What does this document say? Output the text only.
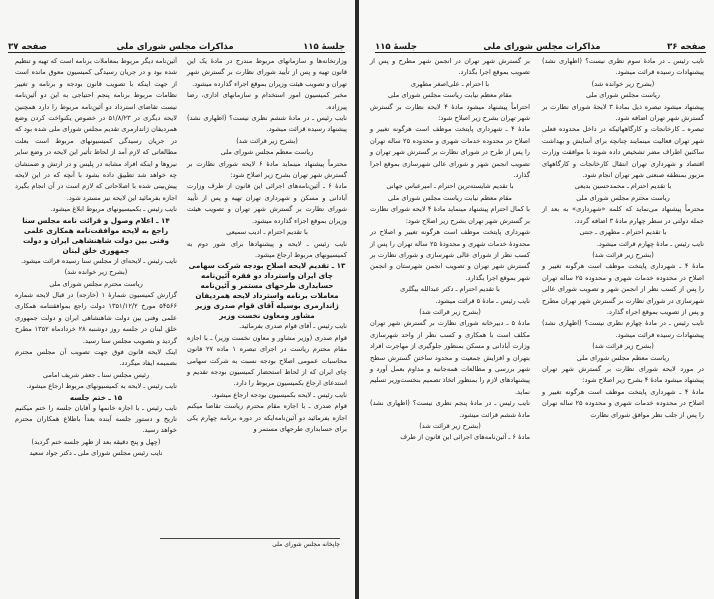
جلسهٔ ۱۱۵
مذاکرات مجلس شورای ملی
صفحه ۳۷
وزارتخانه‌ها و سازمانهای مربوط مندرج در مادهٔ یک این قانون تهیه و پس از تأیید شورای نظارت بر گسترش شهر تهران و تصویب هیئت وزیران بموقع اجراء گذارده میشود.
مخبر کمیسیون امور استخدام و سازمانهای اداری، رضا پیرزاده.
نایب رئیس ـ در مادهٔ ششم نظری نیست؟ (اظهاری نشد) پیشنهاد رسیده قرائت میشود.
(بشرح زیر قرائت شد)
ریاست معظم مجلس شورای ملی
محترماً پیشنهاد مینماید مادهٔ ۶ لایحه شورای نظارت بر گسترش شهر تهران بشرح زیر اصلاح شود:
مادهٔ ۶ ـ آئین‌نامه‌های اجرائی این قانون از طرف وزارت آبادانی و مسکن و شهرداری تهران تهیه و پس از تأیید شورای نظارت بر گسترش شهر تهران و تصویب هیئت وزیران بموقع اجراء گذارده میشود.
با تقدیم احترام ـ ادیب سمیعی
نایب رئیس ـ لایحه و پیشنهادها برای شور دوم به کمیسیونهای مربوط ارجاع میشود.
۱۳ ـ تقدیم لایحه اصلاح بودجه شرکت سهامی چای ایران واسترداد دو فقره آئین‌نامه حسابداری طرحهای مستمر و آئین‌نامه معاملات برنامه واسترداد لایحه همردیفان ژاندارمری بوسیله آقای قوام صدری وزیر مشاور ومعاون نخست وزیر
نایب رئیس ـ آقای قوام صدری بفرمائید.
قوام صدری (وزیر مشاور و معاون نخست وزیر) ـ با اجازه مقام محترم ریاست در اجرای تبصره ۱ ماده ۲۷ قانون محاسبات عمومی اصلاح بودجه نسبت به شرکت سهامی چای ایران که از لحاظ استحضار کمیسیون بودجه تقدیم و استدعای ارجاع بکمیسیون مربوط را دارد.
نایب رئیس ـ لایحه بکمیسیون بودجه ارجاع میشود.
قوام صدری ـ با اجازه مقام محترم ریاست تقاضا میکنم اجازه بفرمائید دو آئین‌نامه‌ایکه در دوره برنامه چهارم یکی برای حسابداری طرحهای مستمر و
آئین‌نامه دیگر مربوط بمعاملات برنامه است که تهیه و تنظیم شده بود و در جریان رسیدگی کمیسیون معوق مانده است از جهت اینکه با تصویب قانون بودجه و برنامه و تغییر نظامات مربوط برنامه پنجم احتیاجی به این دو آئین‌نامه نیست تقاضای استرداد دو آئین‌نامه مربوط را دارد همچنین لایحه دیگری در ۵۱/۸/۲۳ در خصوص یکنواخت کردن وضع همردیفان ژاندارمری تقدیم مجلس شورای ملی شده بود که در جریان رسیدگی کمیسیونهای مربوط است بعلت مطالعاتی که لازم آمد از لحاظ تأثیر این لایحه در وضع سایر نیروها و اینکه افراد مشابه در پلیس و در ارتش و ضمنشان چه خواهد شد تطبیق داده بشود با آنچه که در این لایحه پیش‌بینی شده با اصلاحاتی که لازم است در آن انجام بگیرد اجازه بفرمائید این لایحه نیز مسترد شود.
نایب رئیس ـ بکمیسیونهای مربوط ابلاغ میشود.
۱۴ ـ اعلام وصول و قرائت نامه مجلس سنا راجع به لایحه موافقت‌نامه همکاری علمی وفنی بین دولت شاهنشاهی ایران و دولت جمهوری خلق لبنان
نایب رئیس ـ لایحه‌ای از مجلس سنا رسیده قرائت میشود.
(بشرح زیر خوانده شد)
ریاست محترم مجلس شورای ملی
گزارش کمیسیون شمارهٔ ۱ (خارجه) در قبال لایحه شماره ۵۴۵۶۶ مورخ ۱۳۵۱/۱۲/۲ دولت راجع بموافقتنامه همکاری علمی وفنی بین دولت شاهنشاهی ایران و دولت جمهوری خلق لبنان در جلسه روز دوشنبه ۲۸ خردادماه ۱۳۵۲ مطرح گردید و بتصویب مجلس سنا رسید.
اینک لایحه قانون فوق جهت تصویب آن مجلس محترم بضمیمه ایفاد میگردد.
رئیس مجلس سنا ـ جعفر شریف امامی
نایب رئیس ـ لایحه به کمیسیونهای مربوط ارجاع میشود.
۱۵ ـ ختم جلسه
نایب رئیس ـ با اجازه خانمها و آقایان جلسه را ختم میکنیم تاریخ و دستور جلسه آینده بعداً باطلاع همکاران محترم خواهد رسید.
(چهل و پنج دقیقه بعد از ظهر جلسه ختم گردید)
نایب رئیس مجلس شورای ملی ـ دکتر جواد سعید
چاپخانه مجلس شورای ملی
صفحه ۳۶
مذاکرات مجلس شورای ملی
جلسهٔ ۱۱۵
نایب رئیس ـ در مادهٔ سوم نظری نیست؟ (اظهاری نشد) پیشنهادات رسیده قرائت میشود.
(بشرح زیر خوانده شد)
ریاست مجلس شورای ملی
پیشنهاد میشود تبصره ذیل بمادهٔ ۳ لایحهٔ شورای نظارت بر گسترش شهر تهران اضافه شود.
تبصره ـ کارخانجات و کارگاههائیکه در داخل محدوده فعلی شهر تهران فعالیت مینمایند چنانچه برای آسایش و بهداشت ساکنین اطراف مضر تشخیص داده شوند با موافقت وزارت اقتصاد و شهرداری تهران انتقال کارخانجات و کارگاههای مزبور بمنطقه صنعتی شهر تهران انجام شود.
با تقدیم احترام ـ محمدحسین بدیعی
ریاست محترم مجلس شورای ملی
محترماً پیشنهاد می‌نماید که کلمه «شهرداری» به بعد از جمله دولتی در سطر چهارم مادهٔ ۳ اضافه گردد.
با تقدیم احترام ـ مطهری ـ جنتی
نایب رئیس ـ مادهٔ چهارم قرائت میشود.
(بشرح زیر قرائت شد)
مادهٔ ۴ ـ شهرداری پایتخت موظف است هرگونه تغییر و اصلاح در محدوده خدمات شهری و محدوده ۲۵ ساله تهران را پس از کسب نظر از انجمن شهر و تصویب شورای عالی شهرسازی در شورای نظارت بر گسترش شهر تهران مطرح و پس از تصویب بموقع اجراء گذارد.
نایب رئیس ـ در مادهٔ چهارم نظری نیست؟ (اظهاری نشد) پیشنهادات رسیده قرائت میشود.
(بشرح زیر قرائت شد)
ریاست معظم مجلس شورای ملی
در مورد لایحه شورای نظارت بر گسترش شهر تهران پیشنهاد میشود مادهٔ ۴ بشرح زیر اصلاح شود:
مادهٔ ۴ ـ شهرداری پایتخت موظف است هرگونه تغییر و اصلاح در محدوده خدمات شهری و محدوده ۲۵ ساله تهران را پس از جلب نظر موافق شورای نظارت
بر گسترش شهر تهران در انجمن شهر مطرح و پس از تصویب بموقع اجرا بگذارد.
با احترام ـ علی‌اصغر مطهری
مقام معظم نیابت ریاست مجلس شورای ملی
احتراماً پیشنهاد میشود مادهٔ ۴ لایحه نظارت بر گسترش شهر تهران بشرح زیر اصلاح شود:
مادهٔ ۴ ـ شهرداری پایتخت موظف است هرگونه تغییر و اصلاح در محدوده خدمات شهری و محدوده ۲۵ ساله تهران را پس از طرح در شورای نظارت بر گسترش شهر تهران و تصویب انجمن شهر و شورای عالی شهرسازی بموقع اجرا گذارد.
با تقدیم شایسته‌ترین احترام ـ امیرعباس جهانی
مقام معظم نیابت ریاست مجلس شورای ملی
با کمال احترام پیشنهاد مینماید مادهٔ ۴ لایحه شورای نظارت بر گسترش شهر تهران بشرح زیر اصلاح شود:
شهرداری پایتخت موظف است هرگونه تغییر و اصلاح در محدودهٔ خدمات شهری و محدودهٔ ۲۵ ساله تهران را پس از کسب نظر از شورای عالی شهرسازی و شورای نظارت بر گسترش شهر تهران و تصویب انجمن شهرستان و انجمن شهر بموقع اجرا بگذارد.
با تقدیم احترام ـ دکتر عبدالله بیگلری
نایب رئیس ـ مادهٔ ۵ قرائت میشود.
(بشرح زیر قرائت شد)
مادهٔ ۵ ـ دبیرخانه شورای نظارت بر گسترش شهر تهران مکلف است با همکاری و کسب نظر از واحد شهرسازی وزارت آبادانی و مسکن بمنظور جلوگیری از مهاجرت افراد بتهران و افزایش جمعیت و محدود ساختن گسترش سطح شهر بررسی و مطالعات همه‌جانبه و مداوم بعمل آورد و پیشنهادهای لازم را بمنظور اتخاذ تصمیم بنخست‌وزیر تسلیم نماید.
نایب رئیس ـ در مادهٔ پنجم نظری نیست؟ (اظهاری نشد) مادهٔ ششم قرائت میشود.
(بشرح زیر قرائت شد)
مادهٔ ۶ ـ آئین‌نامه‌های اجرائی این قانون از طرف
